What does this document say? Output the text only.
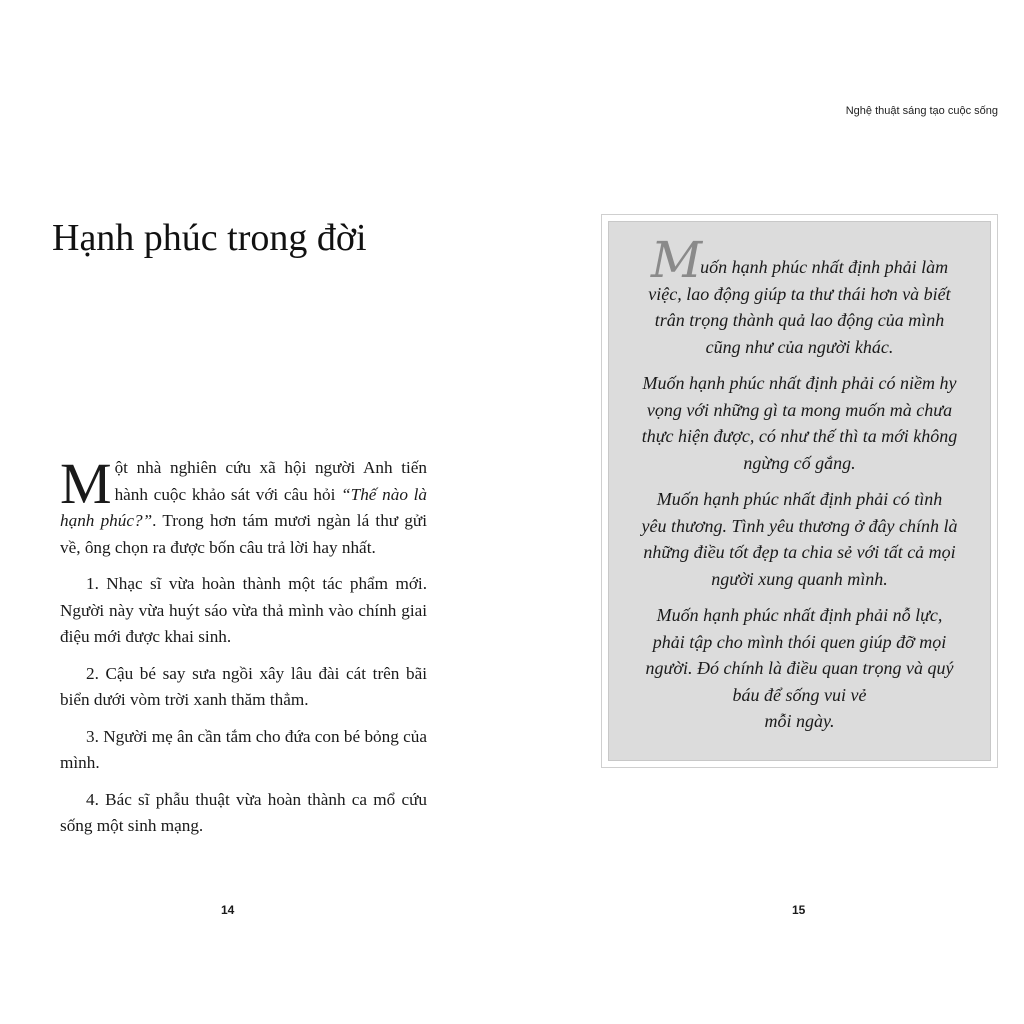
Nghệ thuật sáng tạo cuộc sống
Hạnh phúc trong đời

Một nhà nghiên cứu xã hội người Anh tiến hành cuộc khảo sát với câu hỏi “Thế nào là hạnh phúc?”. Trong hơn tám mươi ngàn lá thư gửi về, ông chọn ra được bốn câu trả lời hay nhất.

1. Nhạc sĩ vừa hoàn thành một tác phẩm mới. Người này vừa huýt sáo vừa thả mình vào chính giai điệu mới được khai sinh.

2. Cậu bé say sưa ngồi xây lâu đài cát trên bãi biển dưới vòm trời xanh thăm thẳm.

3. Người mẹ ân cần tắm cho đứa con bé bỏng của mình.

4. Bác sĩ phẫu thuật vừa hoàn thành ca mổ cứu sống một sinh mạng.

14	15

Muốn hạnh phúc nhất định phải làm
việc, lao động giúp ta thư thái hơn và biết
trân trọng thành quả lao động của mình
cũng như của người khác.

Muốn hạnh phúc nhất định phải có niềm hy
vọng với những gì ta mong muốn mà chưa
thực hiện được, có như thế thì ta mới không
ngừng cố gắng.

Muốn hạnh phúc nhất định phải có tình
yêu thương. Tình yêu thương ở đây chính là
những điều tốt đẹp ta chia sẻ với tất cả mọi
người xung quanh mình.

Muốn hạnh phúc nhất định phải nỗ lực,
phải tập cho mình thói quen giúp đỡ mọi
người. Đó chính là điều quan trọng và quý
báu để sống vui vẻ
mỗi ngày.
